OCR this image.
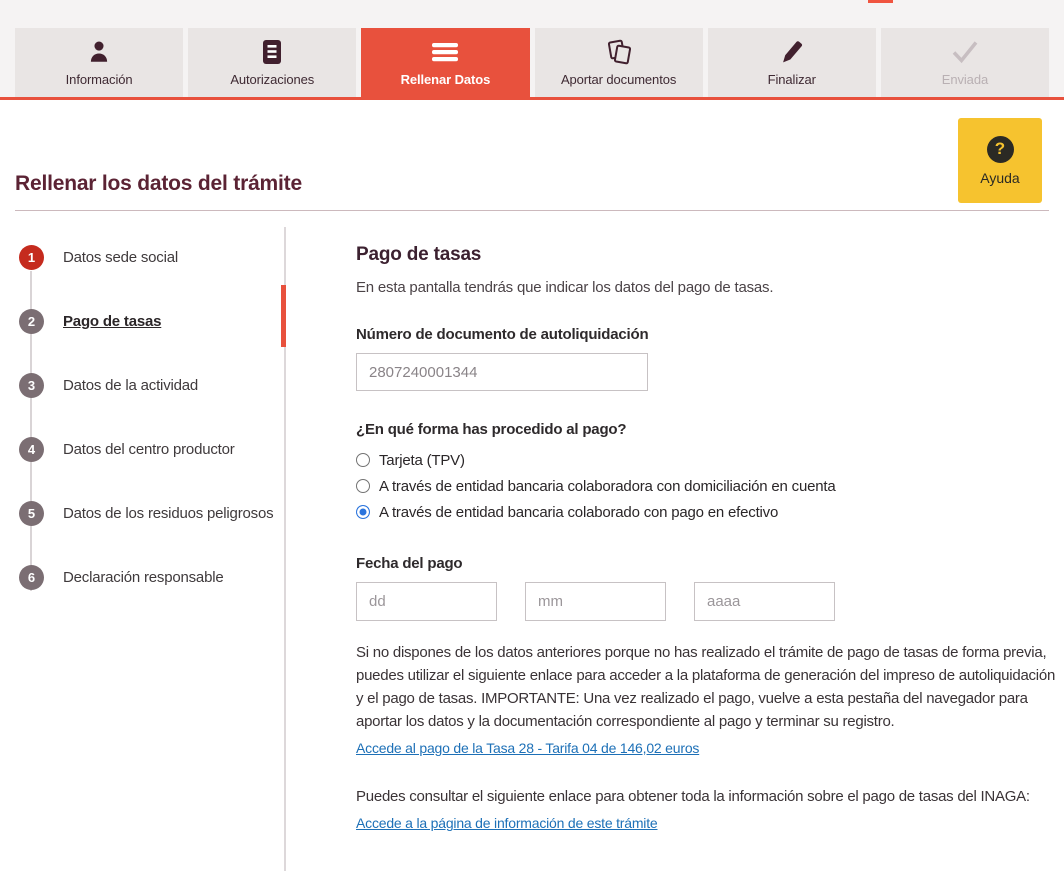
Información	Autorizaciones	Rellenar Datos	Aportar documentos	Finalizar	Enviada
Rellenar los datos del trámite
?
Ayuda
1	Datos sede social
2	Pago de tasas
3	Datos de la actividad
4	Datos del centro productor
5	Datos de los residuos peligrosos
6	Declaración responsable
Pago de tasas

En esta pantalla tendrás que indicar los datos del pago de tasas.

Número de documento de autoliquidación
2807240001344
¿En qué forma has procedido al pago?
Tarjeta (TPV)
A través de entidad bancaria colaboradora con domiciliación en cuenta
A través de entidad bancaria colaborado con pago en efectivo
Fecha del pago
dd
mm
aaaa

Si no dispones de los datos anteriores porque no has realizado el trámite de pago de tasas de forma previa, puedes utilizar el siguiente enlace para acceder a la plataforma de generación del impreso de autoliquidación y el pago de tasas. IMPORTANTE: Una vez realizado el pago, vuelve a esta pestaña del navegador para aportar los datos y la documentación correspondiente al pago y terminar su registro.

Accede al pago de la Tasa 28 - Tarifa 04 de 146,02 euros

Puedes consultar el siguiente enlace para obtener toda la información sobre el pago de tasas del INAGA:

Accede a la página de información de este trámite
